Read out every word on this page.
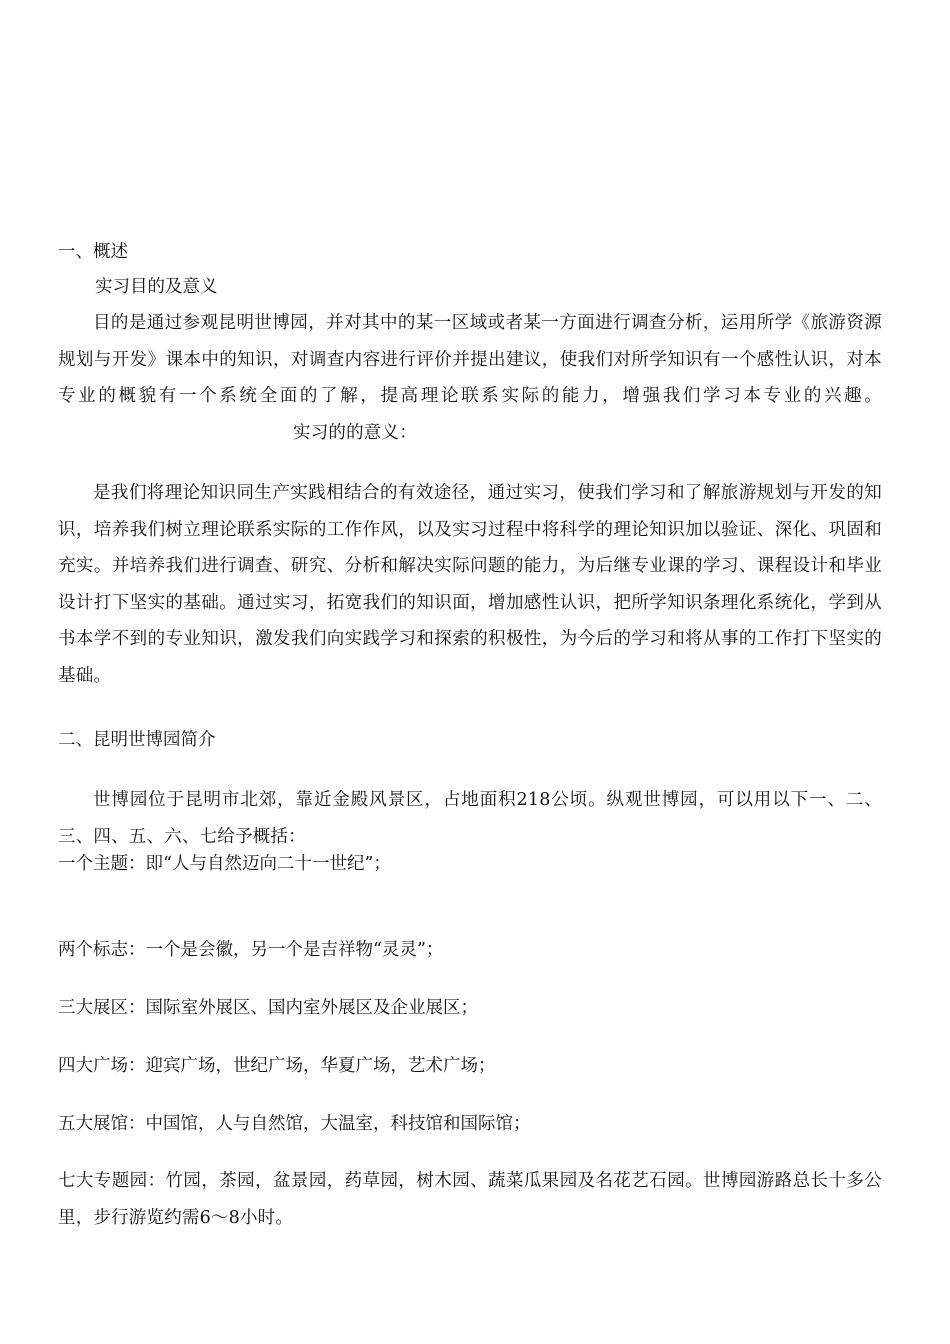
一、概述
实习目的及意义
目的是通过参观昆明世博园，并对其中的某一区域或者某一方面进行调查分析，运用所学《旅游资源规划与开发》课本中的知识，对调查内容进行评价并提出建议，使我们对所学知识有一个感性认识，对本专业的概貌有一个系统全面的了解，提高理论联系实际的能力，增强我们学习本专业的兴趣。实习的的意义：
是我们将理论知识同生产实践相结合的有效途径，通过实习，使我们学习和了解旅游规划与开发的知识，培养我们树立理论联系实际的工作作风，以及实习过程中将科学的理论知识加以验证、深化、巩固和充实。并培养我们进行调查、研究、分析和解决实际问题的能力，为后继专业课的学习、课程设计和毕业设计打下坚实的基础。通过实习，拓宽我们的知识面，增加感性认识，把所学知识条理化系统化，学到从书本学不到的专业知识，激发我们向实践学习和探索的积极性，为今后的学习和将从事的工作打下坚实的基础。
二、昆明世博园简介
世博园位于昆明市北郊，靠近金殿风景区，占地面积218公顷。纵观世博园，可以用以下一、二、三、四、五、六、七给予概括：
一个主题：即“人与自然迈向二十一世纪”；
两个标志：一个是会徽，另一个是吉祥物“灵灵”；
三大展区：国际室外展区、国内室外展区及企业展区；
四大广场：迎宾广场，世纪广场，华夏广场，艺术广场；
五大展馆：中国馆，人与自然馆，大温室，科技馆和国际馆；
七大专题园：竹园，茶园，盆景园，药草园，树木园、蔬菜瓜果园及名花艺石园。世博园游路总长十多公里，步行游览约需6～8小时。
